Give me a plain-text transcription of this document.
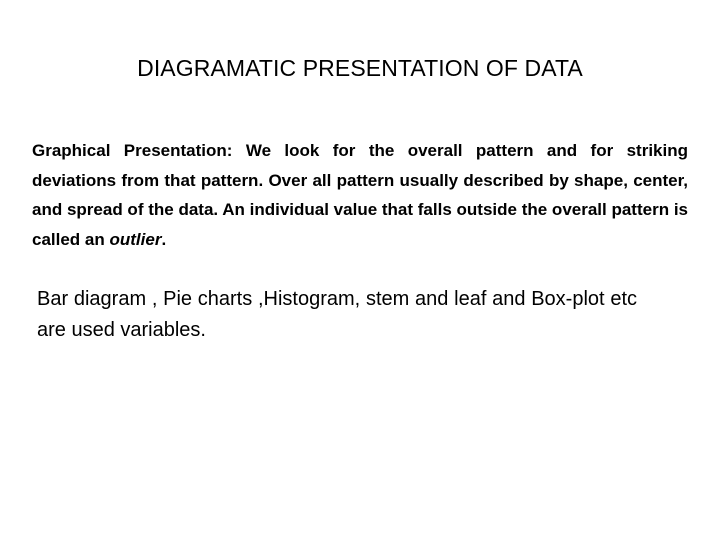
DIAGRAMATIC PRESENTATION OF DATA
Graphical Presentation: We look for the overall pattern and for striking deviations from that pattern. Over all pattern usually described by shape, center, and spread of the data. An individual value that falls outside the overall pattern is called an outlier.
Bar diagram , Pie charts ,Histogram, stem and leaf and Box-plot etc are used variables.
